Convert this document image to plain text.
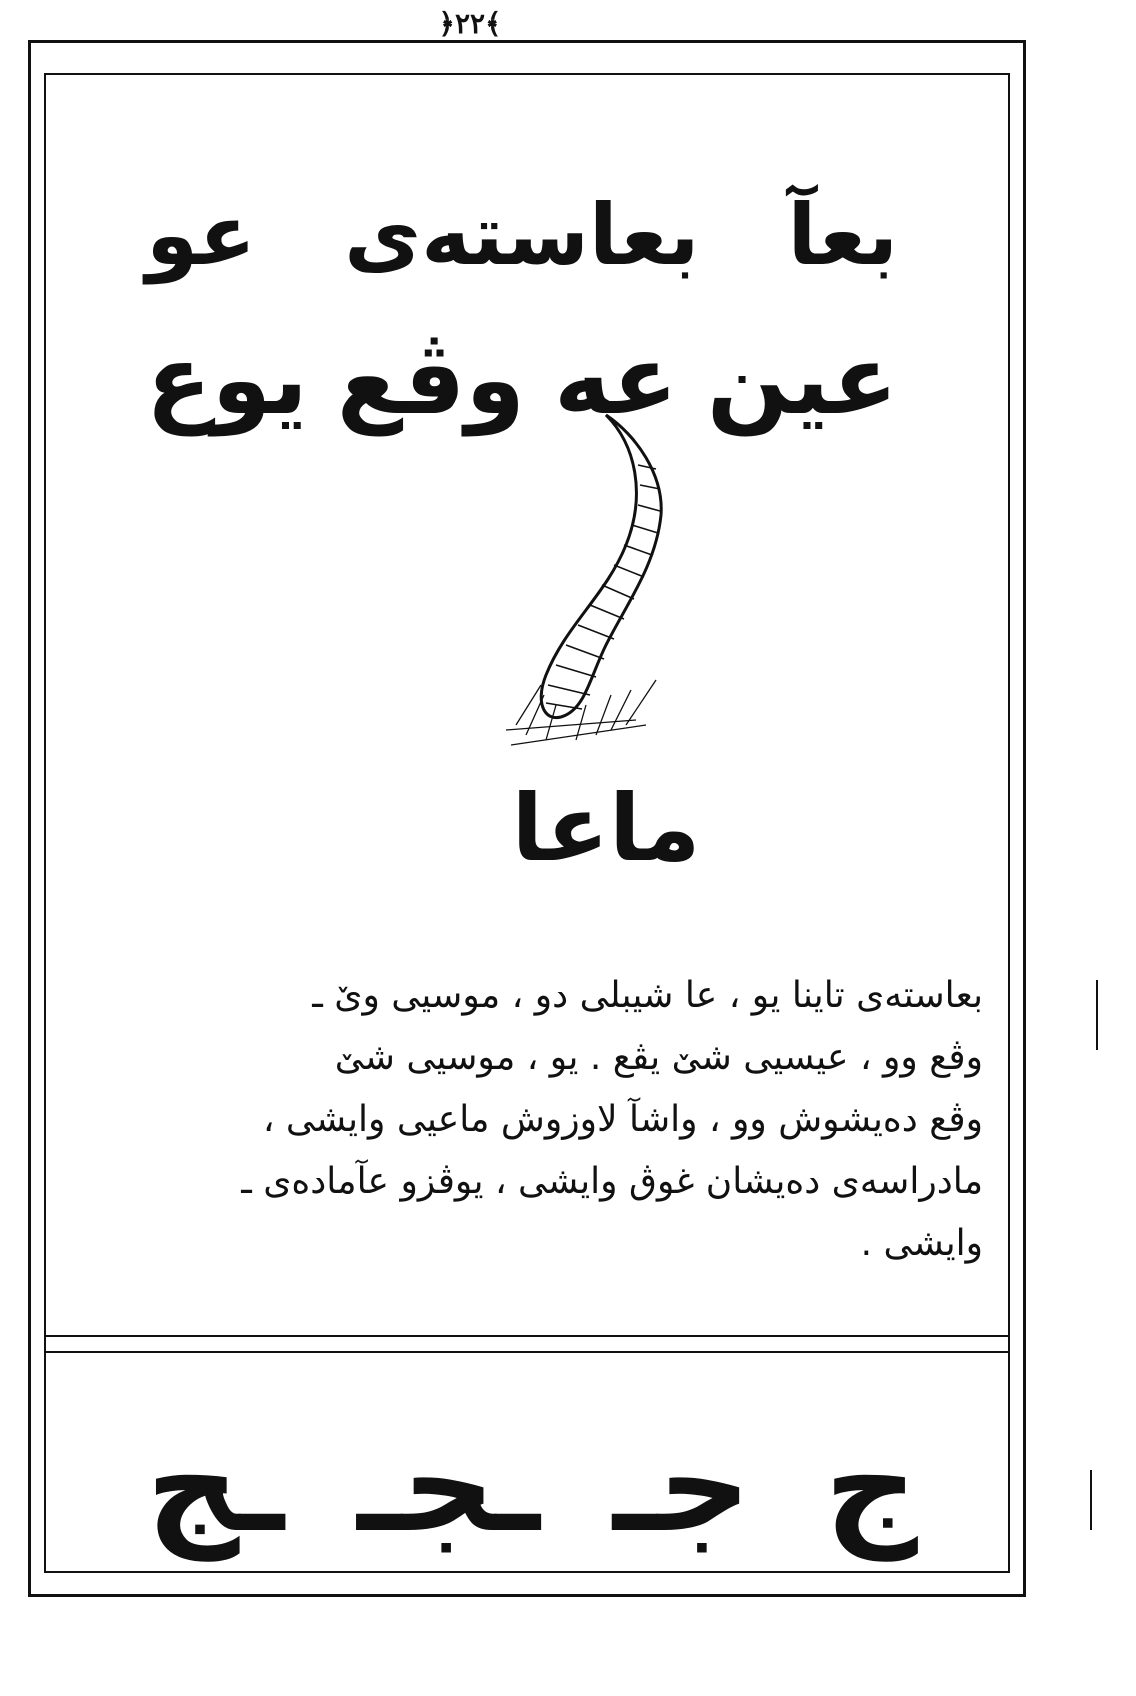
﴿۲۲﴾
بعآ
بعاستەی
عو
عین
عە
وڨع
یوع
ماعا
بعاستەی تاینا یو ، عا شیبلی دو ، موسیی وێ ـ
وڨع وو ، عیسیی شێ یڨع . یو ، موسیی شێ
وڨع دەیشوش وو ، واشآ لاوزوش ماعیی وایشی ،
مادراسەی دەیشان غوڨ وایشی ، یوڨزو عآمادەی ـ
وایشی .
ج
جـ
ـجـ
ـج
